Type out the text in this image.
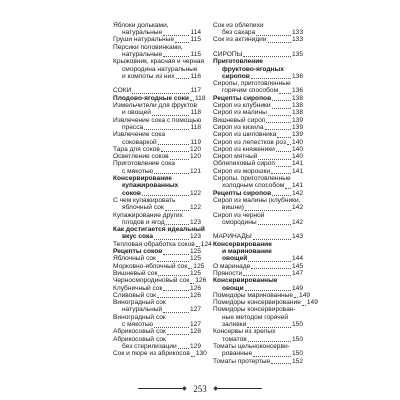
Яблоки дольками,
натуральные	114
Груши натуральные 115
Персики половинками,
натуральные	115
Крыжовник, красная и черная
смородина натуральные
и компоты из них 116
СОКИ	117
Плодово-ягодные соки 118
Измельчители для фруктов
и овощей	118
Извлечение сока с помощью
пресса	118
Извлечение сока
соковаркой	119
Тара для соков	120
Осветление соков	120
Приготовление сока
с мякотью	121
Консервирование
купажированных
соков	122
С чем купажировать
яблочный сок	122
Купажирование других
плодов и ягод	123
Как достигается идеальный
вкус сока	123
Тепловая обработка соков 124
Рецепты соков	125
Яблочный сок	125
Морковно-яблочный сок 125
Вишневый сок	125
Черносмородиновый сок 126
Клубничный сок	126
Сливовый сок	126
Виноградный сок
натуральный	127
Виноградный сок
с мякотью	127
Абрикосовый сок	128
Абрикосовый сок
без стерилизации 129
Сок и пюре из абрикосов 130
Сок из облепихи
без сахара	133
Сок из актинидии	133
СИРОПЫ	135
Приготовление
фруктово-ягодных
сиропов	136
Сиропы, приготовленные
горячим способом 136
Рецепты сиропов	138
Сироп из клубники	138
Сироп из малины	138
Вишневый сироп	139
Сироп из кизила	139
Сироп из шиповника 139
Сироп из лепестков роз 140
Сироп из княженики	140
Сироп мятный	140
Облепиховый сироп	141
Сироп из морошки	141
Сиропы, приготовленные
холодным способом 141
Рецепты сиропов	142
Сироп из малины (клубники,
вишни)	142
Сироп из черной
смородины	142
МАРИНАДЫ	143
Консервирование
и маринование
овощей	144
О маринаде	145
Пряности	147
Консервированные
овощи	149
Помидоры маринованные 149
Помидоры консервирование 149
Помидоры консервирован-
ные методом горячей
заливки	150
Консервы из зрелых
томатов	150
Томаты цельноконсерви-
рованные	150
Томаты протертые	152
◆ 253	◆
